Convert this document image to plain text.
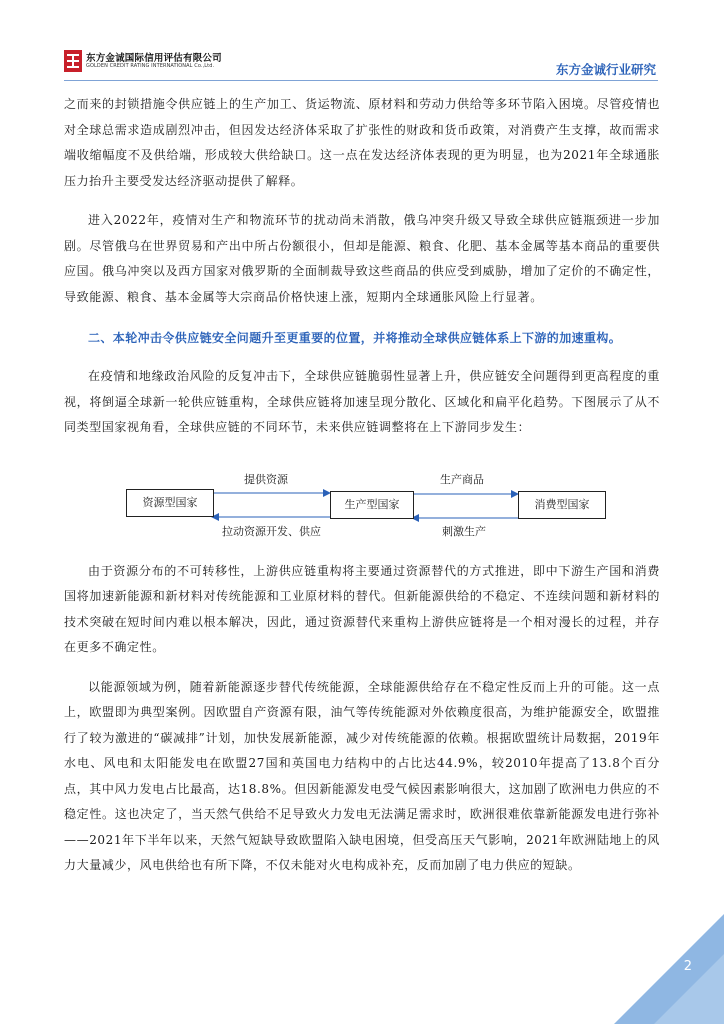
东方金诚国际信用评估有限公司
GOLDEN CREDIT RATING INTERNATIONAL Co.,Ltd.	东方金诚行业研究

之而来的封锁措施令供应链上的生产加工、货运物流、原材料和劳动力供给等多环节陷入困境。尽管疫情也对全球总需求造成剧烈冲击，但因发达经济体采取了扩张性的财政和货币政策，对消费产生支撑，故而需求端收缩幅度不及供给端，形成较大供给缺口。这一点在发达经济体表现的更为明显，也为2021年全球通胀压力抬升主要受发达经济驱动提供了解释。

进入2022年，疫情对生产和物流环节的扰动尚未消散，俄乌冲突升级又导致全球供应链瓶颈进一步加剧。尽管俄乌在世界贸易和产出中所占份额很小，但却是能源、粮食、化肥、基本金属等基本商品的重要供应国。俄乌冲突以及西方国家对俄罗斯的全面制裁导致这些商品的供应受到威胁，增加了定价的不确定性，导致能源、粮食、基本金属等大宗商品价格快速上涨，短期内全球通胀风险上行显著。

二、本轮冲击令供应链安全问题升至更重要的位置，并将推动全球供应链体系上下游的加速重构。

在疫情和地缘政治风险的反复冲击下，全球供应链脆弱性显著上升，供应链安全问题得到更高程度的重视，将倒逼全球新一轮供应链重构，全球供应链将加速呈现分散化、区域化和扁平化趋势。下图展示了从不同类型国家视角看，全球供应链的不同环节，未来供应链调整将在上下游同步发生：

资源型国家	生产型国家	消费型国家
提供资源	生产商品
拉动资源开发、供应	刺激生产

由于资源分布的不可转移性，上游供应链重构将主要通过资源替代的方式推进，即中下游生产国和消费国将加速新能源和新材料对传统能源和工业原材料的替代。但新能源供给的不稳定、不连续问题和新材料的技术突破在短时间内难以根本解决，因此，通过资源替代来重构上游供应链将是一个相对漫长的过程，并存在更多不确定性。

以能源领域为例，随着新能源逐步替代传统能源，全球能源供给存在不稳定性反而上升的可能。这一点上，欧盟即为典型案例。因欧盟自产资源有限，油气等传统能源对外依赖度很高，为维护能源安全，欧盟推行了较为激进的“碳减排”计划，加快发展新能源，减少对传统能源的依赖。根据欧盟统计局数据，2019年水电、风电和太阳能发电在欧盟27国和英国电力结构中的占比达44.9%，较2010年提高了13.8个百分点，其中风力发电占比最高，达18.8%。但因新能源发电受气候因素影响很大，这加剧了欧洲电力供应的不稳定性。这也决定了，当天然气供给不足导致火力发电无法满足需求时，欧洲很难依靠新能源发电进行弥补——2021年下半年以来，天然气短缺导致欧盟陷入缺电困境，但受高压天气影响，2021年欧洲陆地上的风力大量减少，风电供给也有所下降，不仅未能对火电构成补充，反而加剧了电力供应的短缺。

2
